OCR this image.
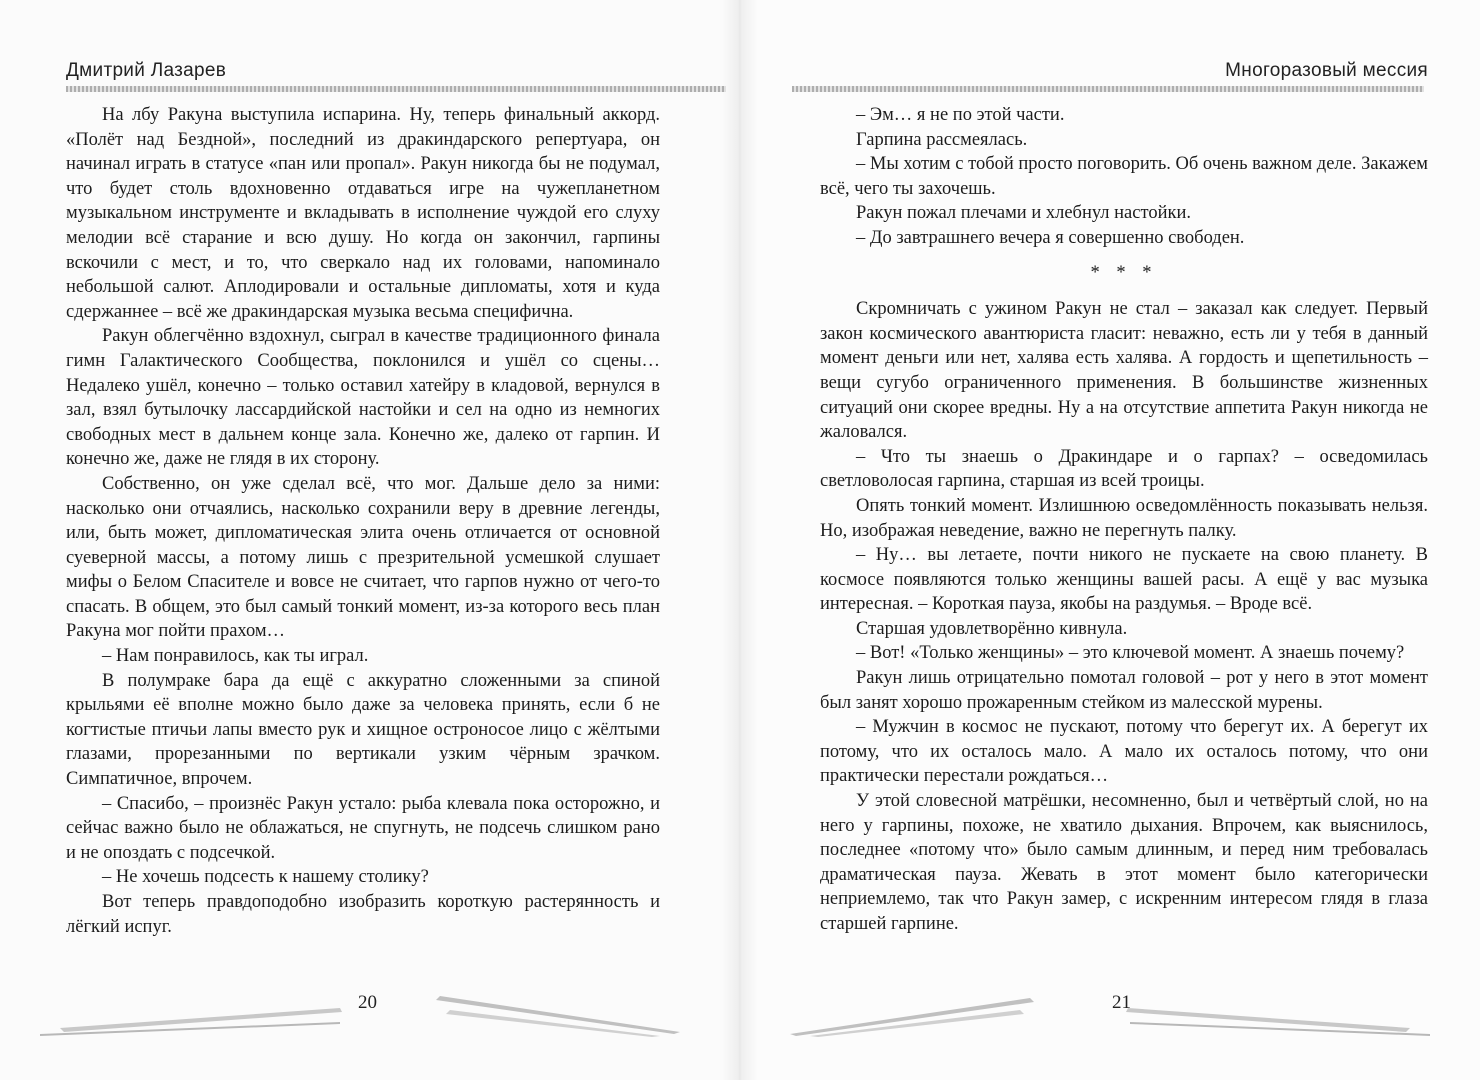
Дмитрий Лазарев

На лбу Ракуна выступила испарина. Ну, теперь финальный аккорд. «Полёт над Бездной», последний из дракиндарского репертуара, он начинал играть в статусе «пан или пропал». Ракун никогда бы не подумал, что будет столь вдохновенно отдаваться игре на чужепланетном музыкальном инструменте и вкладывать в исполнение чуждой его слуху мелодии всё старание и всю душу. Но когда он закончил, гарпины вскочили с мест, и то, что сверкало над их головами, напоминало небольшой салют. Аплодировали и остальные дипломаты, хотя и куда сдержаннее – всё же дракиндарская музыка весьма специфична.

Ракун облегчённо вздохнул, сыграл в качестве традиционного финала гимн Галактического Сообщества, поклонился и ушёл со сцены… Недалеко ушёл, конечно – только оставил хатейру в кладовой, вернулся в зал, взял бутылочку лассардийской настойки и сел на одно из немногих свободных мест в дальнем конце зала. Конечно же, далеко от гарпин. И конечно же, даже не глядя в их сторону.

Собственно, он уже сделал всё, что мог. Дальше дело за ними: насколько они отчаялись, насколько сохранили веру в древние легенды, или, быть может, дипломатическая элита очень отличается от основной суеверной массы, а потому лишь с презрительной усмешкой слушает мифы о Белом Спасителе и вовсе не считает, что гарпов нужно от чего-то спасать. В общем, это был самый тонкий момент, из-за которого весь план Ракуна мог пойти прахом…

– Нам понравилось, как ты играл.

В полумраке бара да ещё с аккуратно сложенными за спиной крыльями её вполне можно было даже за человека принять, если б не когтистые птичьи лапы вместо рук и хищное остроносое лицо с жёлтыми глазами, прорезанными по вертикали узким чёрным зрачком. Симпатичное, впрочем.

– Спасибо, – произнёс Ракун устало: рыба клевала пока осторожно, и сейчас важно было не облажаться, не спугнуть, не подсечь слишком рано и не опоздать с подсечкой.

– Не хочешь подсесть к нашему столику?

Вот теперь правдоподобно изобразить короткую растерянность и лёгкий испуг.

20
Многоразовый мессия

– Эм… я не по этой части.

Гарпина рассмеялась.

– Мы хотим с тобой просто поговорить. Об очень важном деле. Закажем всё, чего ты захочешь.

Ракун пожал плечами и хлебнул настойки.

– До завтрашнего вечера я совершенно свободен.

* * *

Скромничать с ужином Ракун не стал – заказал как следует. Первый закон космического авантюриста гласит: неважно, есть ли у тебя в данный момент деньги или нет, халява есть халява. А гордость и щепетильность – вещи сугубо ограниченного применения. В большинстве жизненных ситуаций они скорее вредны. Ну а на отсутствие аппетита Ракун никогда не жаловался.

– Что ты знаешь о Дракиндаре и о гарпах? – осведомилась светловолосая гарпина, старшая из всей троицы.

Опять тонкий момент. Излишнюю осведомлённость показывать нельзя. Но, изображая неведение, важно не перегнуть палку.

– Ну… вы летаете, почти никого не пускаете на свою планету. В космосе появляются только женщины вашей расы. А ещё у вас музыка интересная. – Короткая пауза, якобы на раздумья. – Вроде всё.

Старшая удовлетворённо кивнула.

– Вот! «Только женщины» – это ключевой момент. А знаешь почему?

Ракун лишь отрицательно помотал головой – рот у него в этот момент был занят хорошо прожаренным стейком из малесской мурены.

– Мужчин в космос не пускают, потому что берегут их. А берегут их потому, что их осталось мало. А мало их осталось потому, что они практически перестали рождаться…

У этой словесной матрёшки, несомненно, был и четвёртый слой, но на него у гарпины, похоже, не хватило дыхания. Впрочем, как выяснилось, последнее «потому что» было самым длинным, и перед ним требовалась драматическая пауза. Жевать в этот момент было категорически неприемлемо, так что Ракун замер, с искренним интересом глядя в глаза старшей гарпине.

21
